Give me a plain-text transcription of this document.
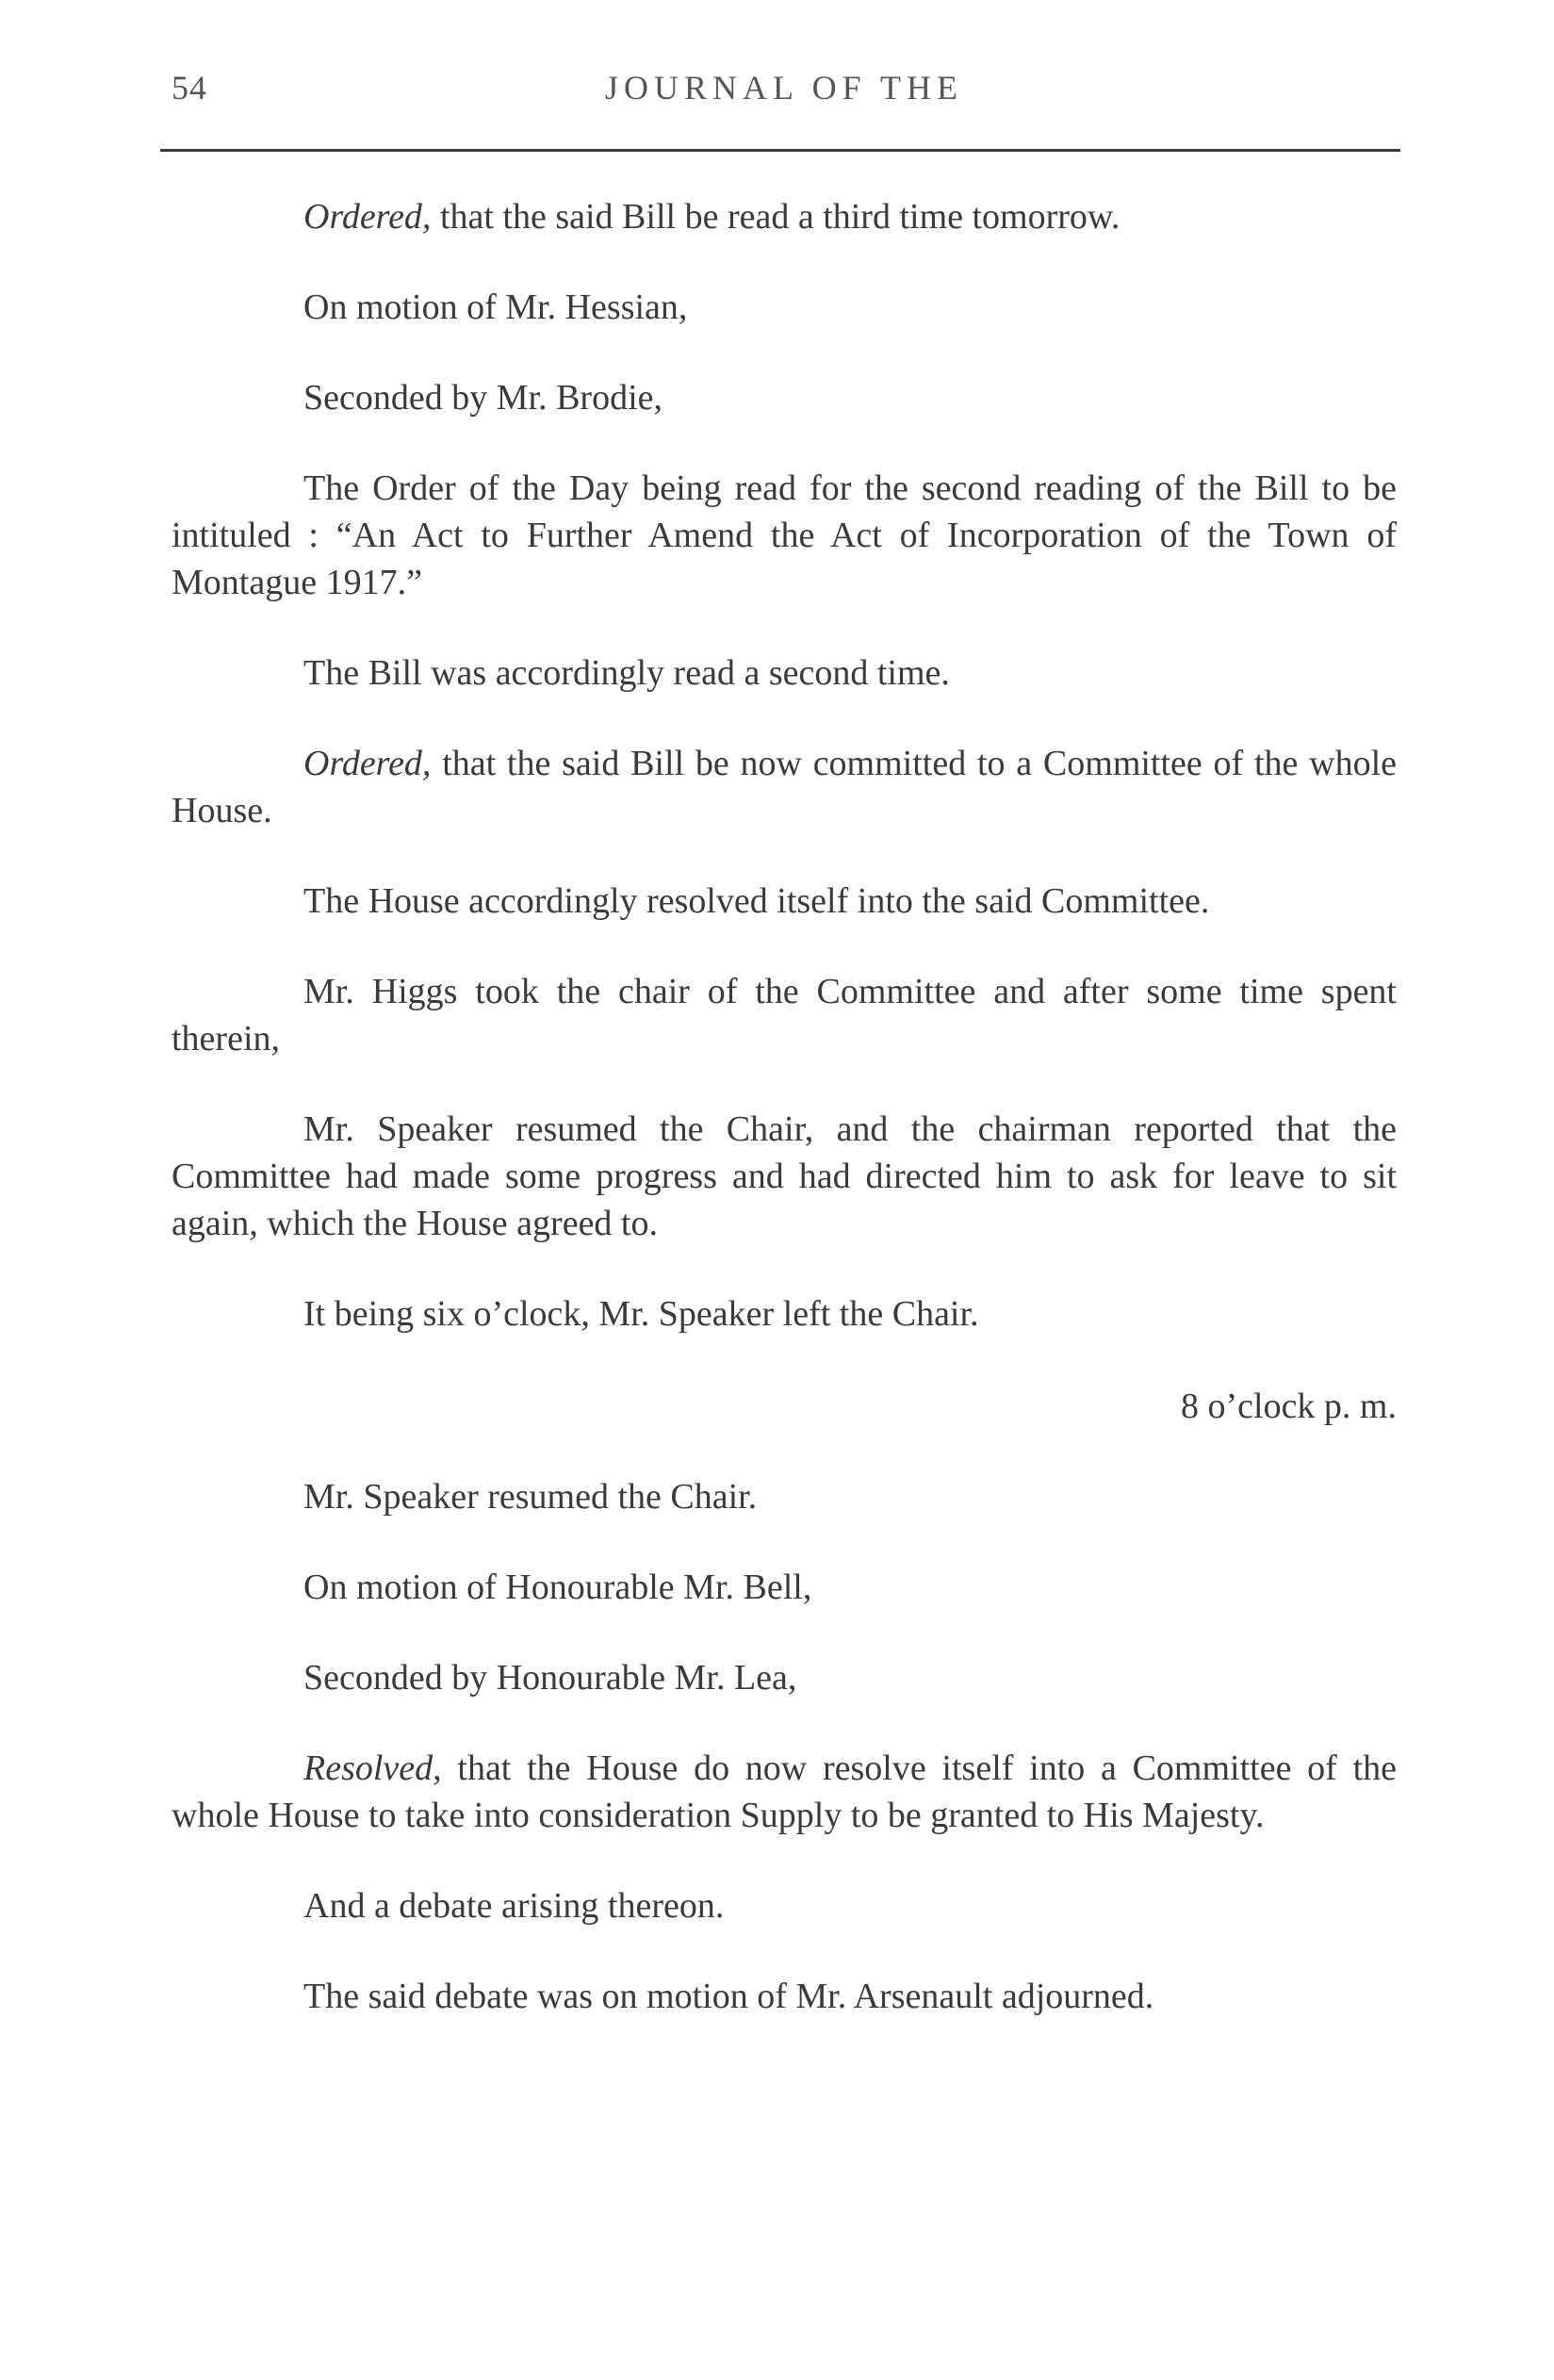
54	JOURNAL OF THE

Ordered, that the said Bill be read a third time tomorrow.

On motion of Mr. Hessian,

Seconded by Mr. Brodie,

The Order of the Day being read for the second reading of the Bill to be intituled : “An Act to Further Amend the Act of Incorporation of the Town of Montague 1917.”

The Bill was accordingly read a second time.

Ordered, that the said Bill be now committed to a Committee of the whole House.

The House accordingly resolved itself into the said Committee.

Mr. Higgs took the chair of the Committee and after some time spent therein,

Mr. Speaker resumed the Chair, and the chairman reported that the Committee had made some progress and had directed him to ask for leave to sit again, which the House agreed to.

It being six o’clock, Mr. Speaker left the Chair.

8 o’clock p. m.

Mr. Speaker resumed the Chair.

On motion of Honourable Mr. Bell,

Seconded by Honourable Mr. Lea,

Resolved, that the House do now resolve itself into a Committee of the whole House to take into consideration Supply to be granted to His Majesty.

And a debate arising thereon.

The said debate was on motion of Mr. Arsenault adjourned.
